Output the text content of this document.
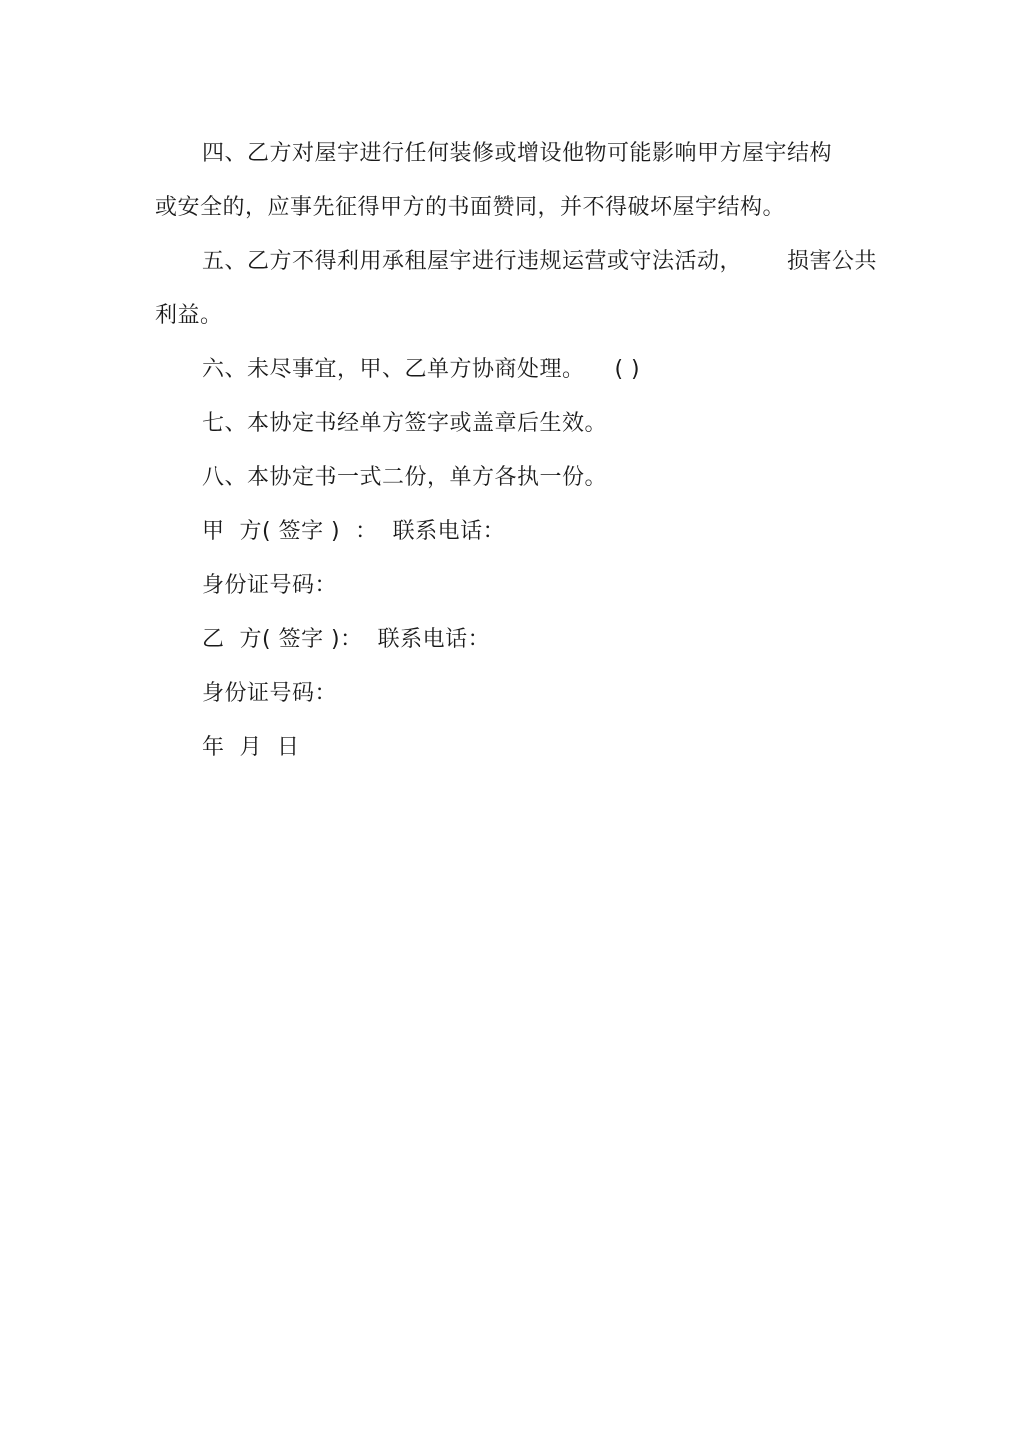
四、乙方对屋宇进行任何装修或增设他物可能影响甲方屋宇结构
或安全的，应事先征得甲方的书面赞同，并不得破坏屋宇结构。
五、乙方不得利用承租屋宇进行违规运营或守法活动，      损害公共
利益。
六、未尽事宜，甲、乙单方协商处理。    ( )
七、本协定书经单方签字或盖章后生效。
八、本协定书一式二份，单方各执一份。
甲  方( 签字 )  ：  联系电话：
身份证号码：
乙  方( 签字 )：  联系电话：
身份证号码：
年  月  日
